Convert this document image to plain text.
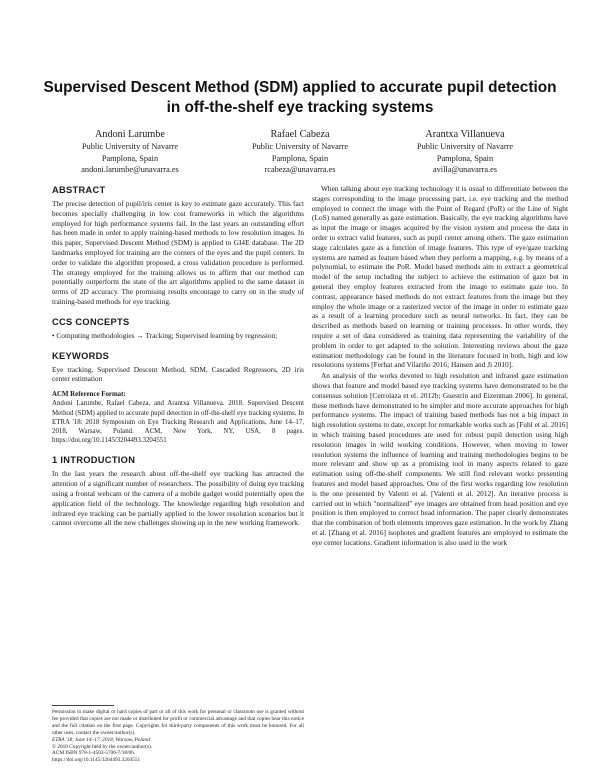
Supervised Descent Method (SDM) applied to accurate pupil detection in off-the-shelf eye tracking systems
Andoni Larumbe
Public University of Navarre
Pamplona, Spain
andoni.larumbe@unavarra.es
Rafael Cabeza
Public University of Navarre
Pamplona, Spain
rcabeza@unavarra.es
Arantxa Villanueva
Public University of Navarre
Pamplona, Spain
avilla@unavarra.es
ABSTRACT

The precise detection of pupil/iris center is key to estimate gaze accurately. This fact becomes specially challenging in low cost frameworks in which the algorithms employed for high performance systems fail. In the last years an outstanding effort has been made in order to apply training-based methods to low resolution images. In this paper, Supervised Descent Method (SDM) is applied to GI4E database. The 2D landmarks employed for training are the corners of the eyes and the pupil centers. In order to validate the algorithm proposed, a cross validation procedure is performed. The strategy employed for the training allows us to affirm that our method can potentially outperform the state of the art algorithms applied to the same dataset in terms of 2D accuracy. The promising results encourage to carry on in the study of training-based methods for eye tracking.

CCS CONCEPTS

• Computing methodologies → Tracking; Supervised learning by regression;

KEYWORDS

Eye tracking, Supervised Descent Method, SDM, Cascaded Regressors, 2D iris center estimation

ACM Reference Format:
Andoni Larumbe, Rafael Cabeza, and Arantxa Villanueva. 2018. Supervised Descent Method (SDM) applied to accurate pupil detection in off-the-shelf eye tracking systems. In ETRA '18: 2018 Symposium on Eye Tracking Research and Applications, June 14–17, 2018, Warsaw, Poland. ACM, New York, NY, USA, 8 pages. https://doi.org/10.1145/3204493.3204551
1 INTRODUCTION

In the last years the research about off-the-shelf eye tracking has attracted the attention of a significant number of researchers. The possibility of doing eye tracking using a frontal webcam or the camera of a mobile gadget would potentially open the application field of the technology. The knowledge regarding high resolution and infrared eye tracking can be partially applied to the lower resolution scenarios but it cannot overcome all the new challenges showing up in the new working framework.

When talking about eye tracking technology it is usual to differentiate between the stages corresponding to the image processing part, i.e. eye tracking and the method employed to connect the image with the Point of Regard (PoR) or the Line of Sight (LoS) named generally as gaze estimation. Basically, the eye tracking algorithms have as input the image or images acquired by the vision system and process the data in order to extract valid features, such as pupil center among others. The gaze estimation stage calculates gaze as a function of image features. This type of eye/gaze tracking systems are named as feature based when they perform a mapping, e.g. by means of a polynomial, to estimate the PoR. Model based methods aim to extract a geometrical model of the setup including the subject to achieve the estimation of gaze but in general they employ features extracted from the image to estimate gaze too. In contrast, appearance based methods do not extract features from the image but they employ the whole image or a rasterized vector of the image in order to estimate gaze as a result of a learning procedure such as neural networks. In fact, they can be described as methods based on learning or training processes. In other words, they require a set of data considered as training data representing the variability of the problem in order to get adapted to the solution. Interesting reviews about the gaze estimation methodology can be found in the literature focused in both, high and low resolutions systems [Ferhat and Vilariño 2016; Hansen and Ji 2010].

An analysis of the works devoted to high resolution and infrared gaze estimation shows that feature and model based eye tracking systems have demonstrated to be the consensus solution [Cerrolaza et el. 2012b; Guestrin and Eizenman 2006]. In general, these methods have demonstrated to be simpler and more accurate approaches for high performance systems. The impact of training based methods has not a big impact in high resolution systems to date, except for remarkable works such as [Fuhl et al. 2016] in which training based procedures are used for robust pupil detection using high resolution images in wild working conditions. However, when moving to lower resolution systems the influence of learning and training methodologies begins to be more relevant and show up as a promising tool in many aspects related to gaze estimation using off-the-shelf components. We still find relevant works presenting features and model based approaches. One of the first works regarding low resolution is the one presented by Valenti et al. [Valenti et al. 2012]. An iterative process is carried out in which "normalized" eye images are obtained from head position and eye position is then employed to correct head information. The paper clearly demonstrates that the combination of both elements improves gaze estimation. In the work by Zhang et al. [Zhang et al. 2016] isophotes and gradient features are employed to estimate the eye center locations. Gradient information is also used in the work

Permission to make digital or hard copies of part or all of this work for personal or classroom use is granted without fee provided that copies are not made or distributed for profit or commercial advantage and that copies bear this notice and the full citation on the first page. Copyrights for third-party components of this work must be honored. For all other uses, contact the owner/author(s).
ETRA '18, June 14–17, 2018, Warsaw, Poland
© 2018 Copyright held by the owner/author(s).
ACM ISBN 978-1-4503-5706-7/18/06.
https://doi.org/10.1145/3204493.3204551
